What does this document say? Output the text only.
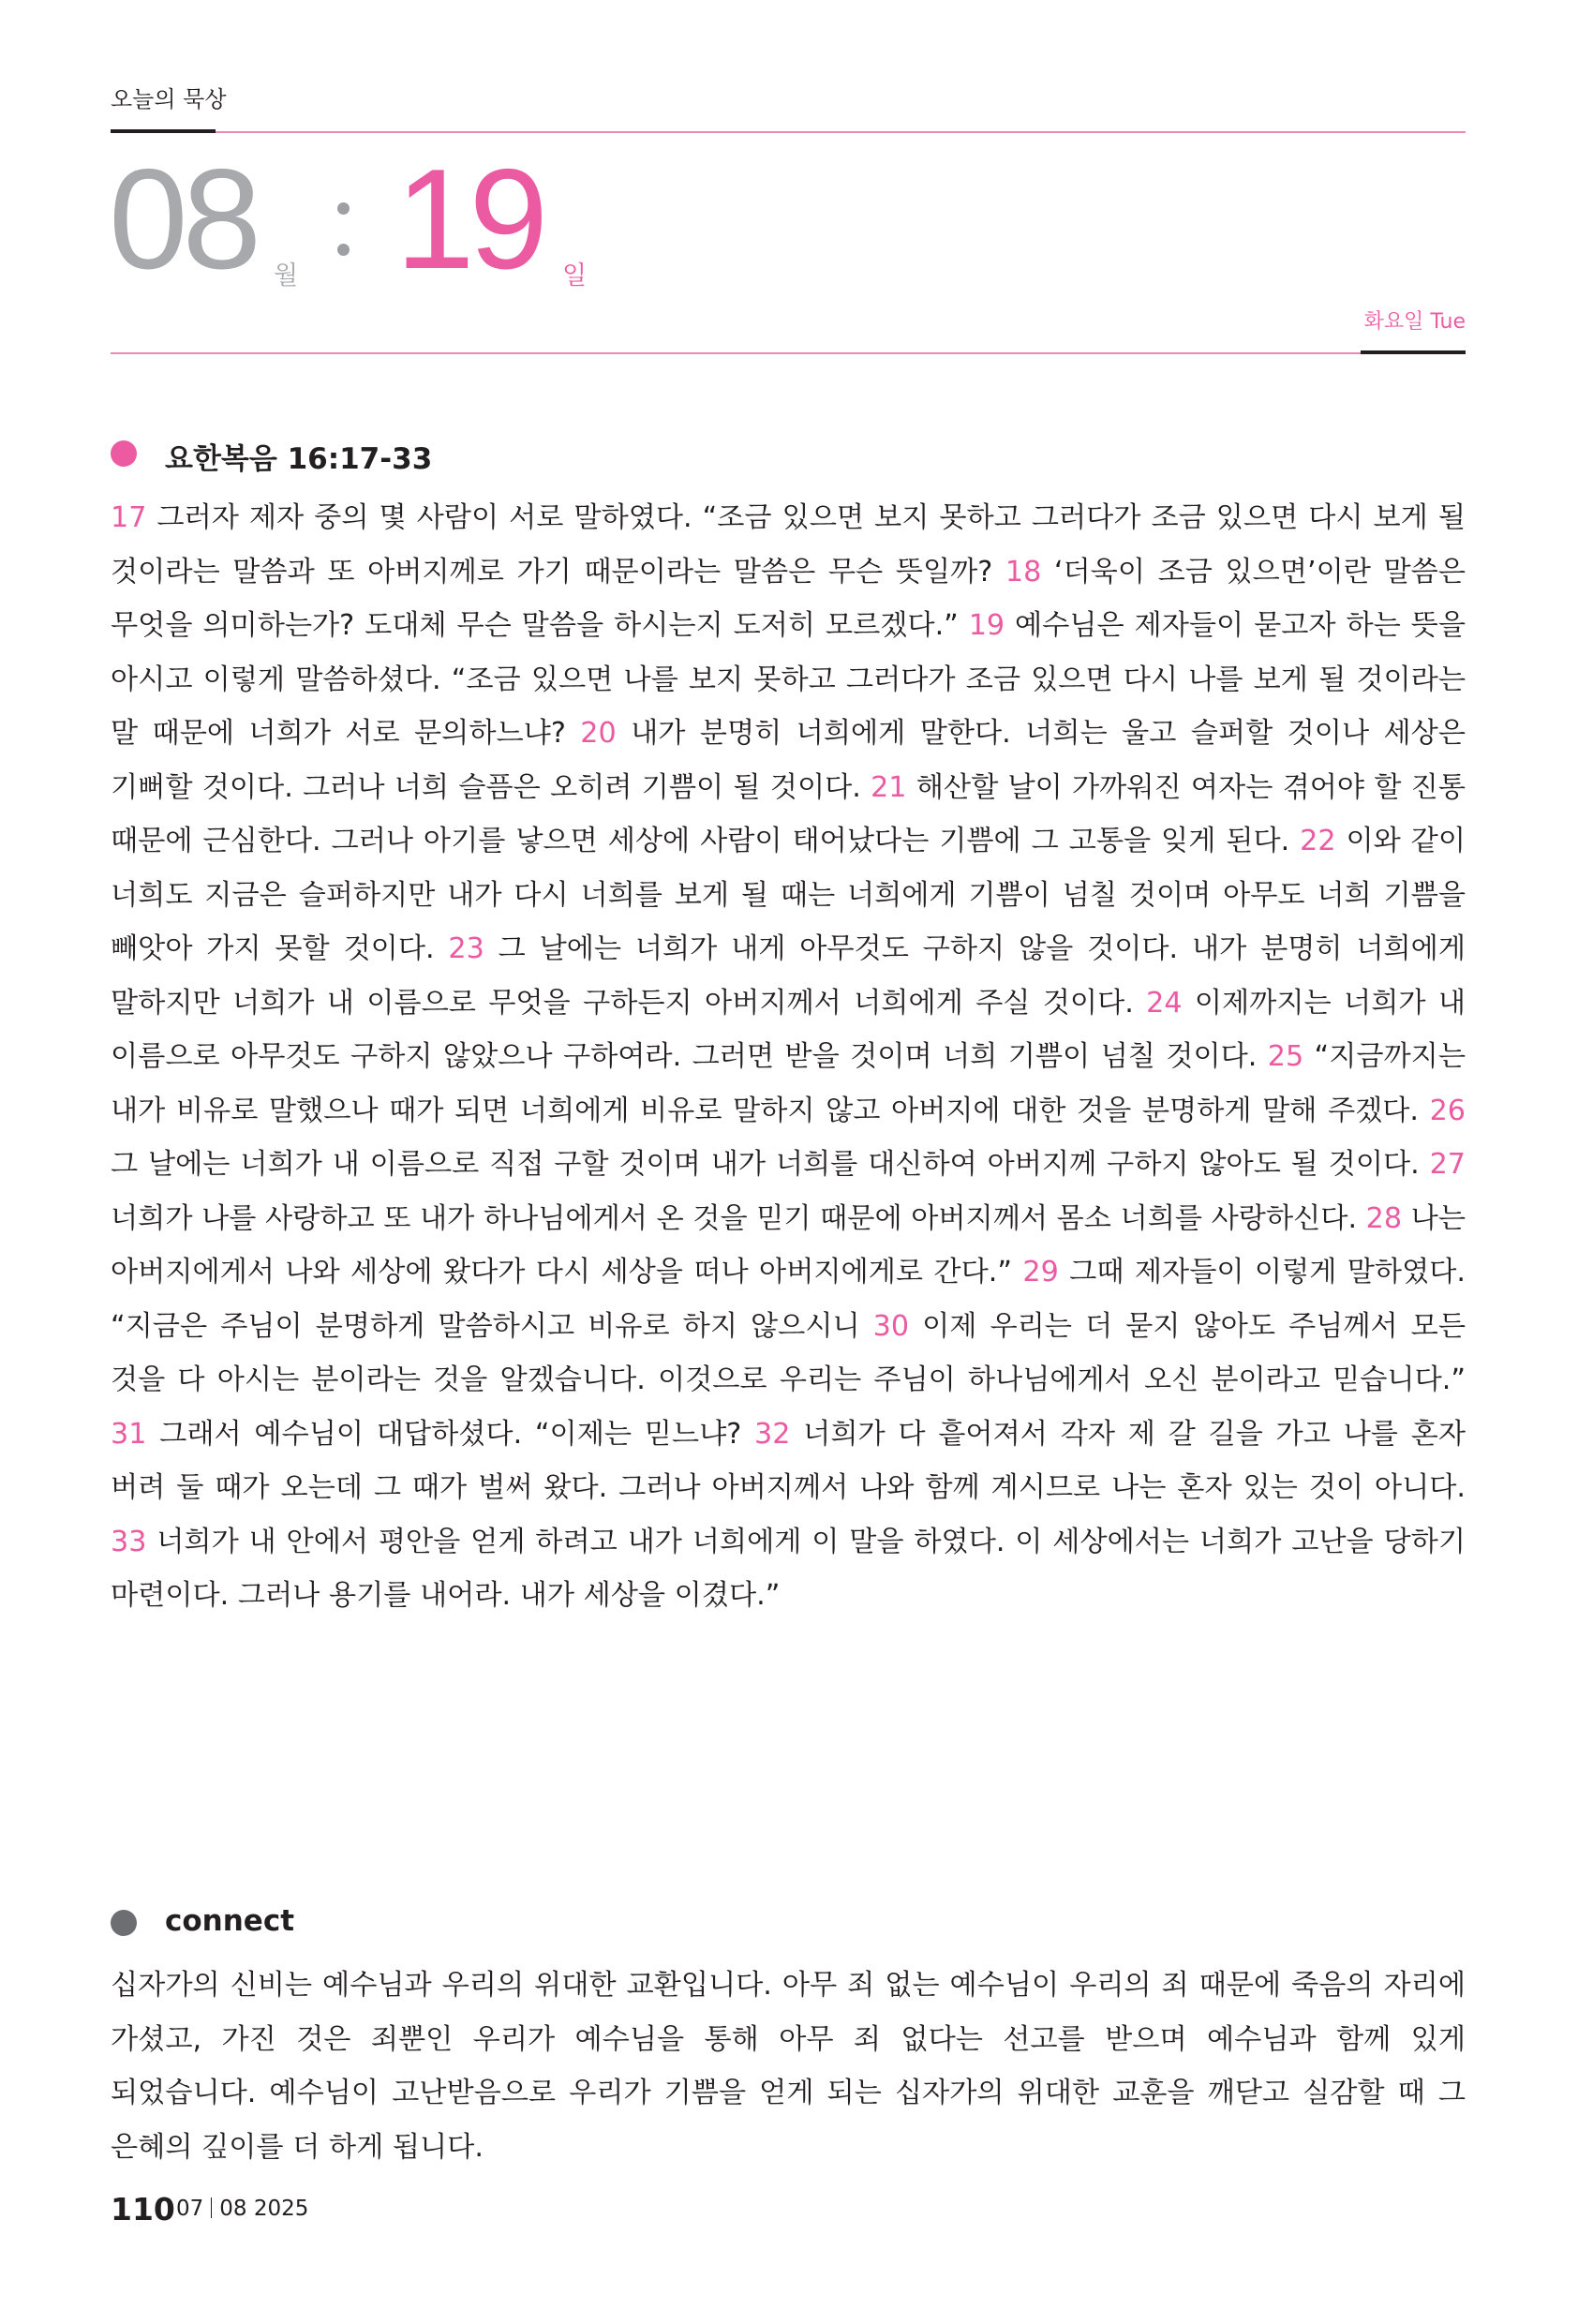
오늘의 묵상
08 월 19 일
화요일 Tue
요한복음 16:17-33
17 그러자 제자 중의 몇 사람이 서로 말하였다. “조금 있으면 보지 못하고 그러다가 조금 있으면 다시 보게 될 것이라는 말씀과 또 아버지께로 가기 때문이라는 말씀은 무슨 뜻일까? 18 ‘더욱이 조금 있으면’이란 말씀은 무엇을 의미하는가? 도대체 무슨 말씀을 하시는지 도저히 모르겠다.” 19 예수님은 제자들이 묻고자 하는 뜻을 아시고 이렇게 말씀하셨다. “조금 있으면 나를 보지 못하고 그러다가 조금 있으면 다시 나를 보게 될 것이라는 말 때문에 너희가 서로 문의하느냐? 20 내가 분명히 너희에게 말한다. 너희는 울고 슬퍼할 것이나 세상은 기뻐할 것이다. 그러나 너희 슬픔은 오히려 기쁨이 될 것이다. 21 해산할 날이 가까워진 여자는 겪어야 할 진통 때문에 근심한다. 그러나 아기를 낳으면 세상에 사람이 태어났다는 기쁨에 그 고통을 잊게 된다. 22 이와 같이 너희도 지금은 슬퍼하지만 내가 다시 너희를 보게 될 때는 너희에게 기쁨이 넘칠 것이며 아무도 너희 기쁨을 빼앗아 가지 못할 것이다. 23 그 날에는 너희가 내게 아무것도 구하지 않을 것이다. 내가 분명히 너희에게 말하지만 너희가 내 이름으로 무엇을 구하든지 아버지께서 너희에게 주실 것이다. 24 이제까지는 너희가 내 이름으로 아무것도 구하지 않았으나 구하여라. 그러면 받을 것이며 너희 기쁨이 넘칠 것이다. 25 “지금까지는 내가 비유로 말했으나 때가 되면 너희에게 비유로 말하지 않고 아버지에 대한 것을 분명하게 말해 주겠다. 26 그 날에는 너희가 내 이름으로 직접 구할 것이며 내가 너희를 대신하여 아버지께 구하지 않아도 될 것이다. 27 너희가 나를 사랑하고 또 내가 하나님에게서 온 것을 믿기 때문에 아버지께서 몸소 너희를 사랑하신다. 28 나는 아버지에게서 나와 세상에 왔다가 다시 세상을 떠나 아버지에게로 간다.” 29 그때 제자들이 이렇게 말하였다. “지금은 주님이 분명하게 말씀하시고 비유로 하지 않으시니 30 이제 우리는 더 묻지 않아도 주님께서 모든 것을 다 아시는 분이라는 것을 알겠습니다. 이것으로 우리는 주님이 하나님에게서 오신 분이라고 믿습니다.” 31 그래서 예수님이 대답하셨다. “이제는 믿느냐? 32 너희가 다 흩어져서 각자 제 갈 길을 가고 나를 혼자 버려 둘 때가 오는데 그 때가 벌써 왔다. 그러나 아버지께서 나와 함께 계시므로 나는 혼자 있는 것이 아니다. 33 너희가 내 안에서 평안을 얻게 하려고 내가 너희에게 이 말을 하였다. 이 세상에서는 너희가 고난을 당하기 마련이다. 그러나 용기를 내어라. 내가 세상을 이겼다.”
connect
십자가의 신비는 예수님과 우리의 위대한 교환입니다. 아무 죄 없는 예수님이 우리의 죄 때문에 죽음의 자리에 가셨고, 가진 것은 죄뿐인 우리가 예수님을 통해 아무 죄 없다는 선고를 받으며 예수님과 함께 있게 되었습니다. 예수님이 고난받음으로 우리가 기쁨을 얻게 되는 십자가의 위대한 교훈을 깨닫고 실감할 때 그 은혜의 깊이를 더 하게 됩니다.
110 07 08 2025
